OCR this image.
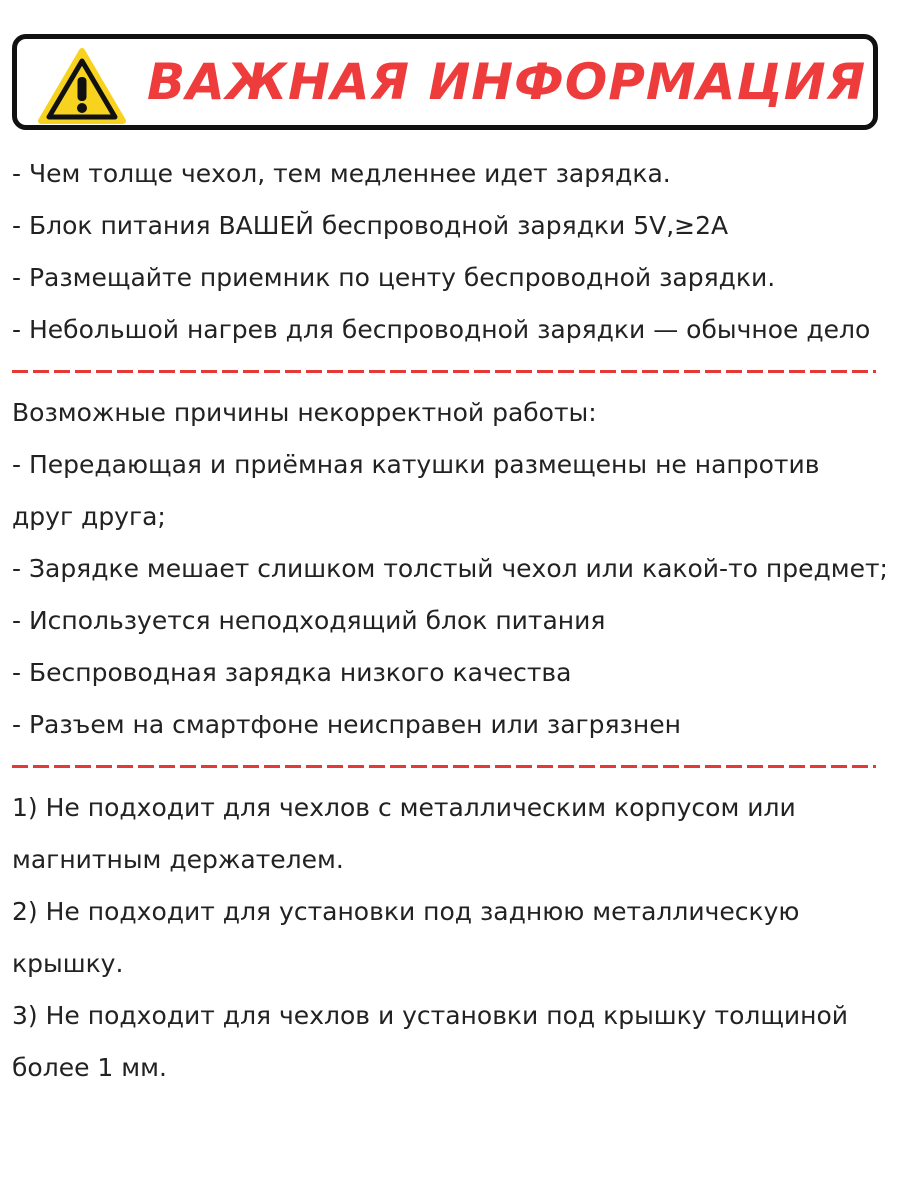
ВАЖНАЯ ИНФОРМАЦИЯ

- Чем толще чехол, тем медленнее идет зарядка.

- Блок питания ВАШЕЙ беспроводной зарядки 5V,≥2A

- Размещайте приемник по центу беспроводной зарядки.

- Небольшой нагрев для беспроводной зарядки — обычное дело

Возможные причины некорректной работы:

- Передающая и приёмная катушки размещены не напротив друг друга;

- Зарядке мешает слишком толстый чехол или какой-то предмет;

- Используется неподходящий блок питания

- Беспроводная зарядка низкого качества

- Разъем на смартфоне неисправен или загрязнен

1) Не подходит для чехлов с металлическим корпусом или магнитным держателем.

2) Не подходит для установки под заднюю металлическую крышку.

3) Не подходит для чехлов и установки под крышку толщиной более 1 мм.
